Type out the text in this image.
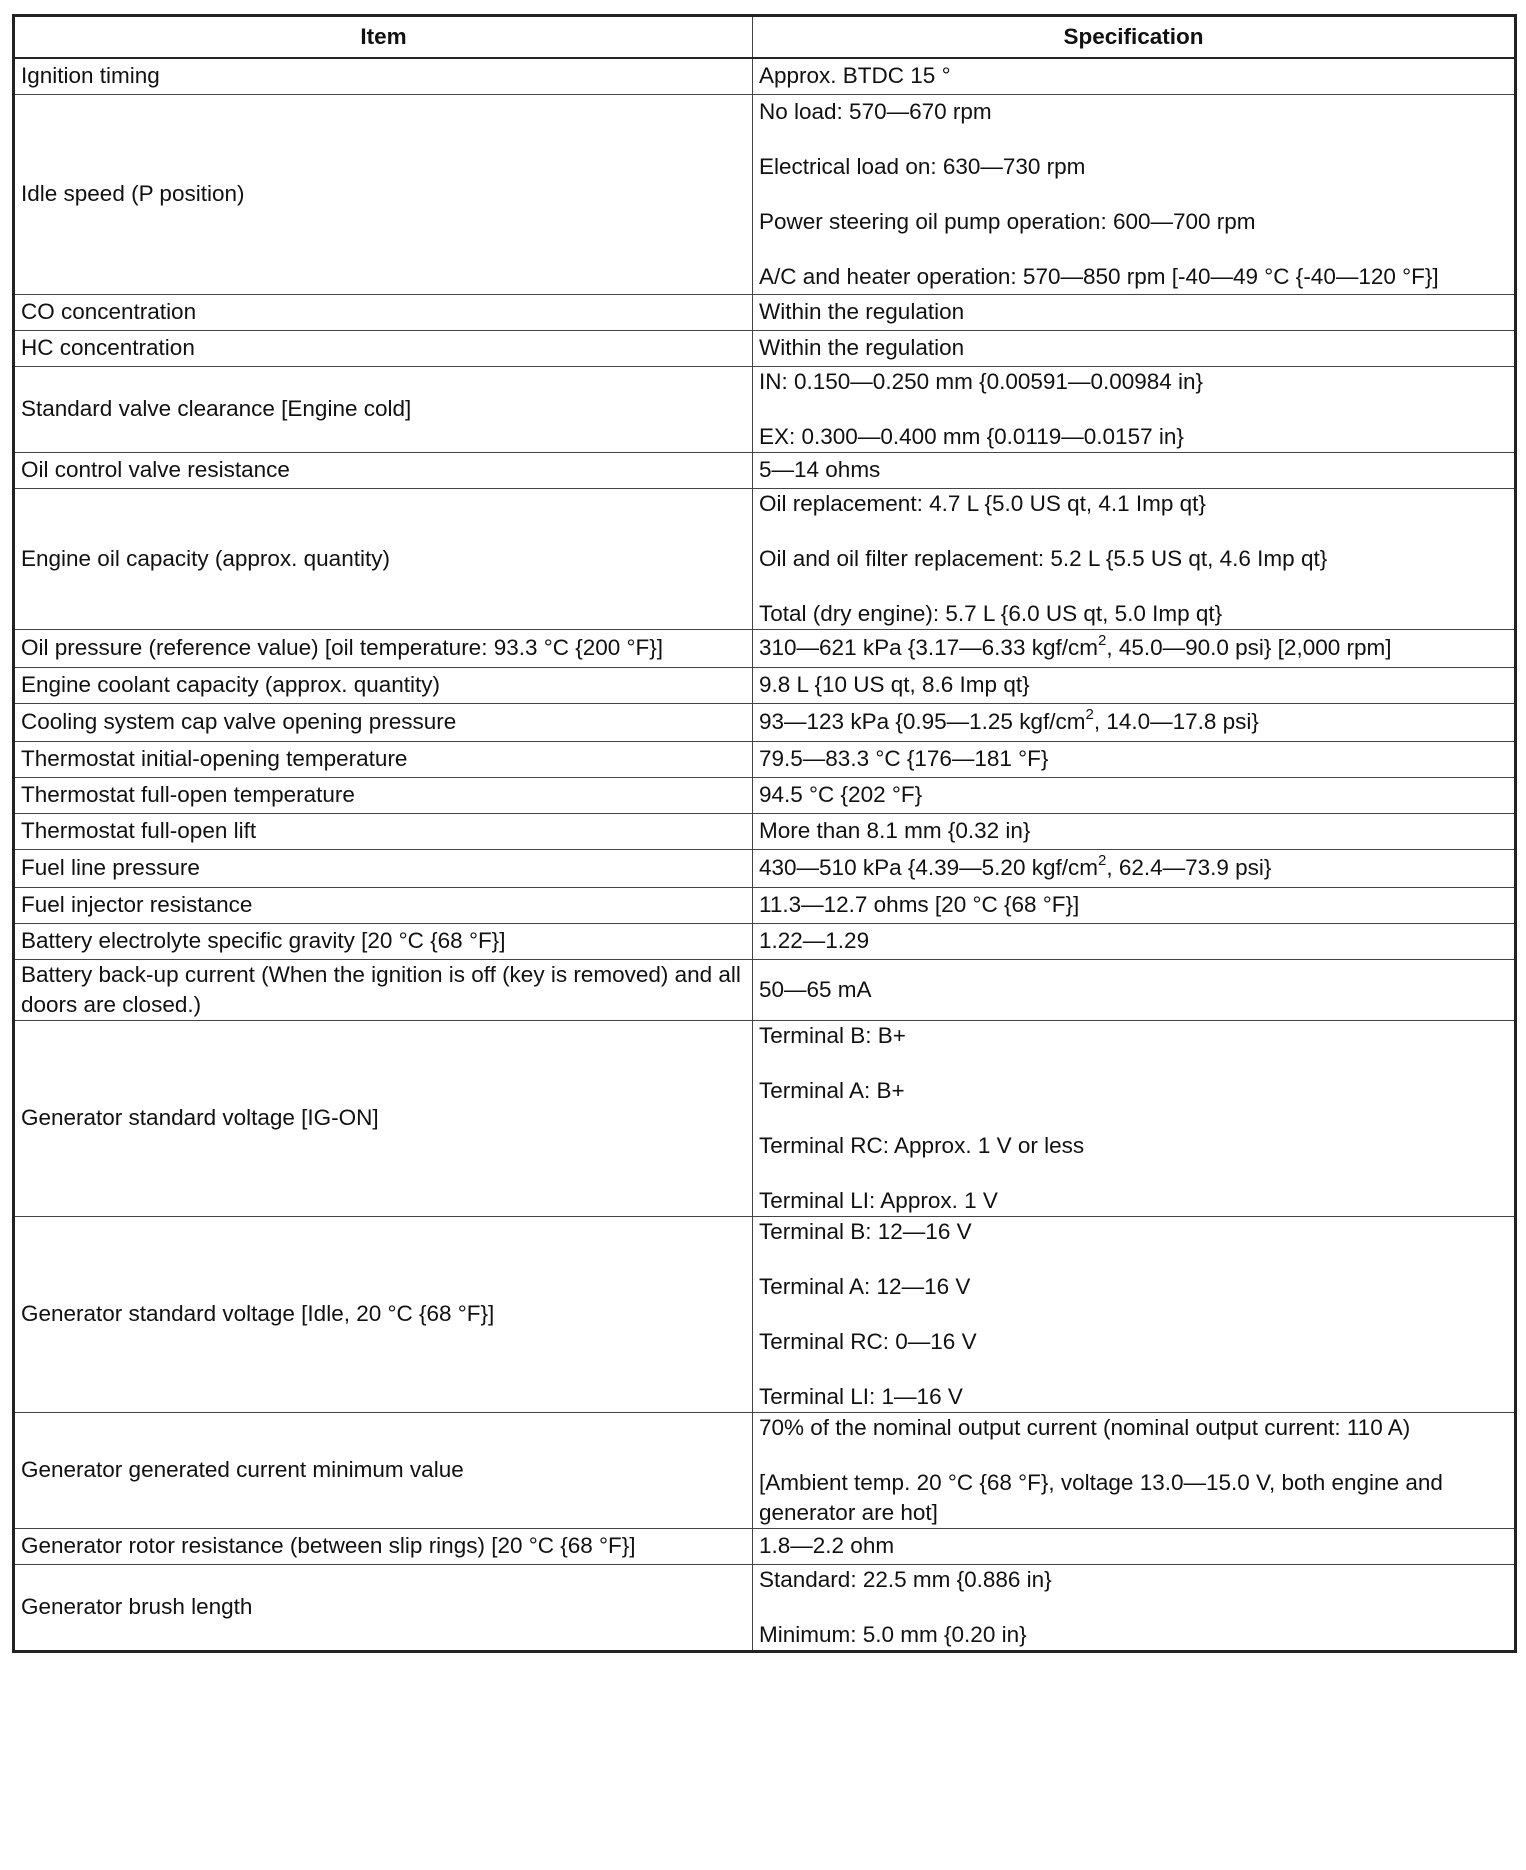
Item	Specification
Ignition timing	Approx. BTDC 15 °

Idle speed (P position)	No load: 570—670 rpm
Electrical load on: 630—730 rpm
Power steering oil pump operation: 600—700 rpm
A/C and heater operation: 570—850 rpm [-40—49 °C {-40—120 °F}]

CO concentration	Within the regulation

HC concentration	Within the regulation

Standard valve clearance [Engine cold]	IN: 0.150—0.250 mm {0.00591—0.00984 in}
EX: 0.300—0.400 mm {0.0119—0.0157 in}

Oil control valve resistance	5—14 ohms

Engine oil capacity (approx. quantity)	Oil replacement: 4.7 L {5.0 US qt, 4.1 Imp qt}
Oil and oil filter replacement: 5.2 L {5.5 US qt, 4.6 Imp qt}
Total (dry engine): 5.7 L {6.0 US qt, 5.0 Imp qt}

Oil pressure (reference value) [oil temperature: 93.3 °C {200 °F}]	310—621 kPa {3.17—6.33 kgf/$cm^2$, 45.0—90.0 psi} [2,000 rpm]

Engine coolant capacity (approx. quantity)	9.8 L {10 US qt, 8.6 Imp qt}

Cooling system cap valve opening pressure	93—123 kPa {0.95—1.25 kgf/$cm^2$, 14.0—17.8 psi}

Thermostat initial-opening temperature	79.5—83.3 °C {176—181 °F}

Thermostat full-open temperature	94.5 °C {202 °F}

Thermostat full-open lift	More than 8.1 mm {0.32 in}

Fuel line pressure	430—510 kPa {4.39—5.20 kgf/$cm^2$, 62.4—73.9 psi}

Fuel injector resistance	11.3—12.7 ohms [20 °C {68 °F}]

Battery electrolyte specific gravity [20 °C {68 °F}]	1.22—1.29

Battery back-up current (When the ignition is off (key is removed) and all doors are closed.)	50—65 mA

Generator standard voltage [IG-ON]	Terminal B: B+
Terminal A: B+
Terminal RC: Approx. 1 V or less
Terminal LI: Approx. 1 V

Generator standard voltage [Idle, 20 °C {68 °F}]	Terminal B: 12—16 V
Terminal A: 12—16 V
Terminal RC: 0—16 V
Terminal LI: 1—16 V

Generator generated current minimum value	70% of the nominal output current (nominal output current: 110 A)
[Ambient temp. 20 °C {68 °F}, voltage 13.0—15.0 V, both engine and generator are hot]

Generator rotor resistance (between slip rings) [20 °C {68 °F}]	1.8—2.2 ohm

Generator brush length	Standard: 22.5 mm {0.886 in}
Minimum: 5.0 mm {0.20 in}
